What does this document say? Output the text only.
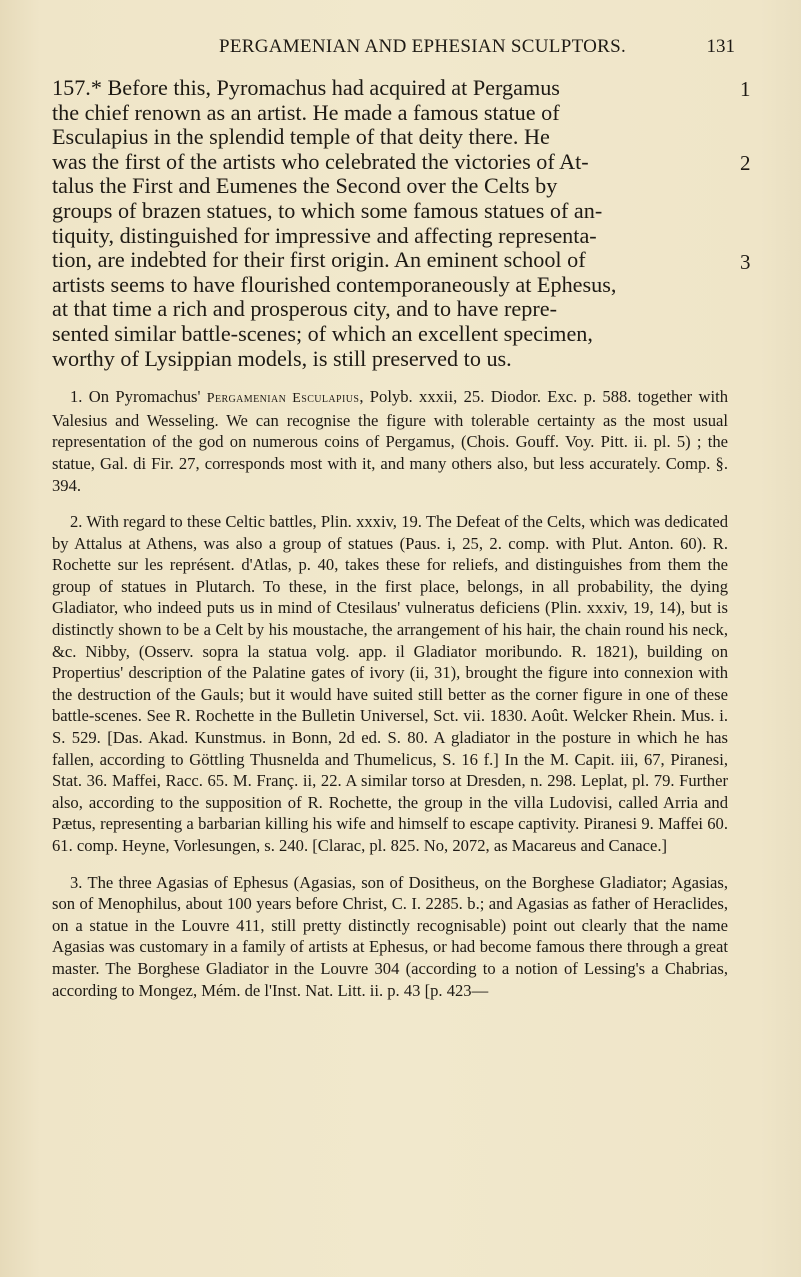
PERGAMENIAN AND EPHESIAN SCULPTORS.	131

157.* Before this, Pyromachus had acquired at Pergamus

the chief renown as an artist. He made a famous statue of

Esculapius in the splendid temple of that deity there. He

was the first of the artists who celebrated the victories of At-

talus the First and Eumenes the Second over the Celts by

groups of brazen statues, to which some famous statues of an-

tiquity, distinguished for impressive and affecting representa-

tion, are indebted for their first origin. An eminent school of

artists seems to have flourished contemporaneously at Ephesus,

at that time a rich and prosperous city, and to have repre-

sented similar battle-scenes; of which an excellent specimen,

worthy of Lysippian models, is still preserved to us.

1. On Pyromachus' Pergamenian Esculapius, Polyb. xxxii, 25. Diodor. Exc. p. 588. together with Valesius and Wesseling. We can recognise the figure with tolerable certainty as the most usual representation of the god on numerous coins of Pergamus, (Chois. Gouff. Voy. Pitt. ii. pl. 5) ; the statue, Gal. di Fir. 27, corresponds most with it, and many others also, but less accurately. Comp. §. 394.

2. With regard to these Celtic battles, Plin. xxxiv, 19. The Defeat of the Celts, which was dedicated by Attalus at Athens, was also a group of statues (Paus. i, 25, 2. comp. with Plut. Anton. 60). R. Rochette sur les représent. d'Atlas, p. 40, takes these for reliefs, and distinguishes from them the group of statues in Plutarch. To these, in the first place, belongs, in all probability, the dying Gladiator, who indeed puts us in mind of Ctesilaus' vulneratus deficiens (Plin. xxxiv, 19, 14), but is distinctly shown to be a Celt by his moustache, the arrangement of his hair, the chain round his neck, &c. Nibby, (Osserv. sopra la statua volg. app. il Gladiator moribundo. R. 1821), building on Propertius' description of the Palatine gates of ivory (ii, 31), brought the figure into connexion with the destruction of the Gauls; but it would have suited still better as the corner figure in one of these battle-scenes. See R. Rochette in the Bulletin Universel, Sct. vii. 1830. Août. Welcker Rhein. Mus. i. S. 529. [Das. Akad. Kunstmus. in Bonn, 2d ed. S. 80. A gladiator in the posture in which he has fallen, according to Göttling Thusnelda and Thumelicus, S. 16 f.] In the M. Capit. iii, 67, Piranesi, Stat. 36. Maffei, Racc. 65. M. Franç. ii, 22. A similar torso at Dresden, n. 298. Leplat, pl. 79. Further also, according to the supposition of R. Rochette, the group in the villa Ludovisi, called Arria and Pætus, representing a barbarian killing his wife and himself to escape captivity. Piranesi 9. Maffei 60. 61. comp. Heyne, Vorlesungen, s. 240. [Clarac, pl. 825. No, 2072, as Macareus and Canace.]

3. The three Agasias of Ephesus (Agasias, son of Dositheus, on the Borghese Gladiator; Agasias, son of Menophilus, about 100 years before Christ, C. I. 2285. b.; and Agasias as father of Heraclides, on a statue in the Louvre 411, still pretty distinctly recognisable) point out clearly that the name Agasias was customary in a family of artists at Ephesus, or had become famous there through a great master. The Borghese Gladiator in the Louvre 304 (according to a notion of Lessing's a Chabrias, according to Mongez, Mém. de l'Inst. Nat. Litt. ii. p. 43 [p. 423—

1
2
3
